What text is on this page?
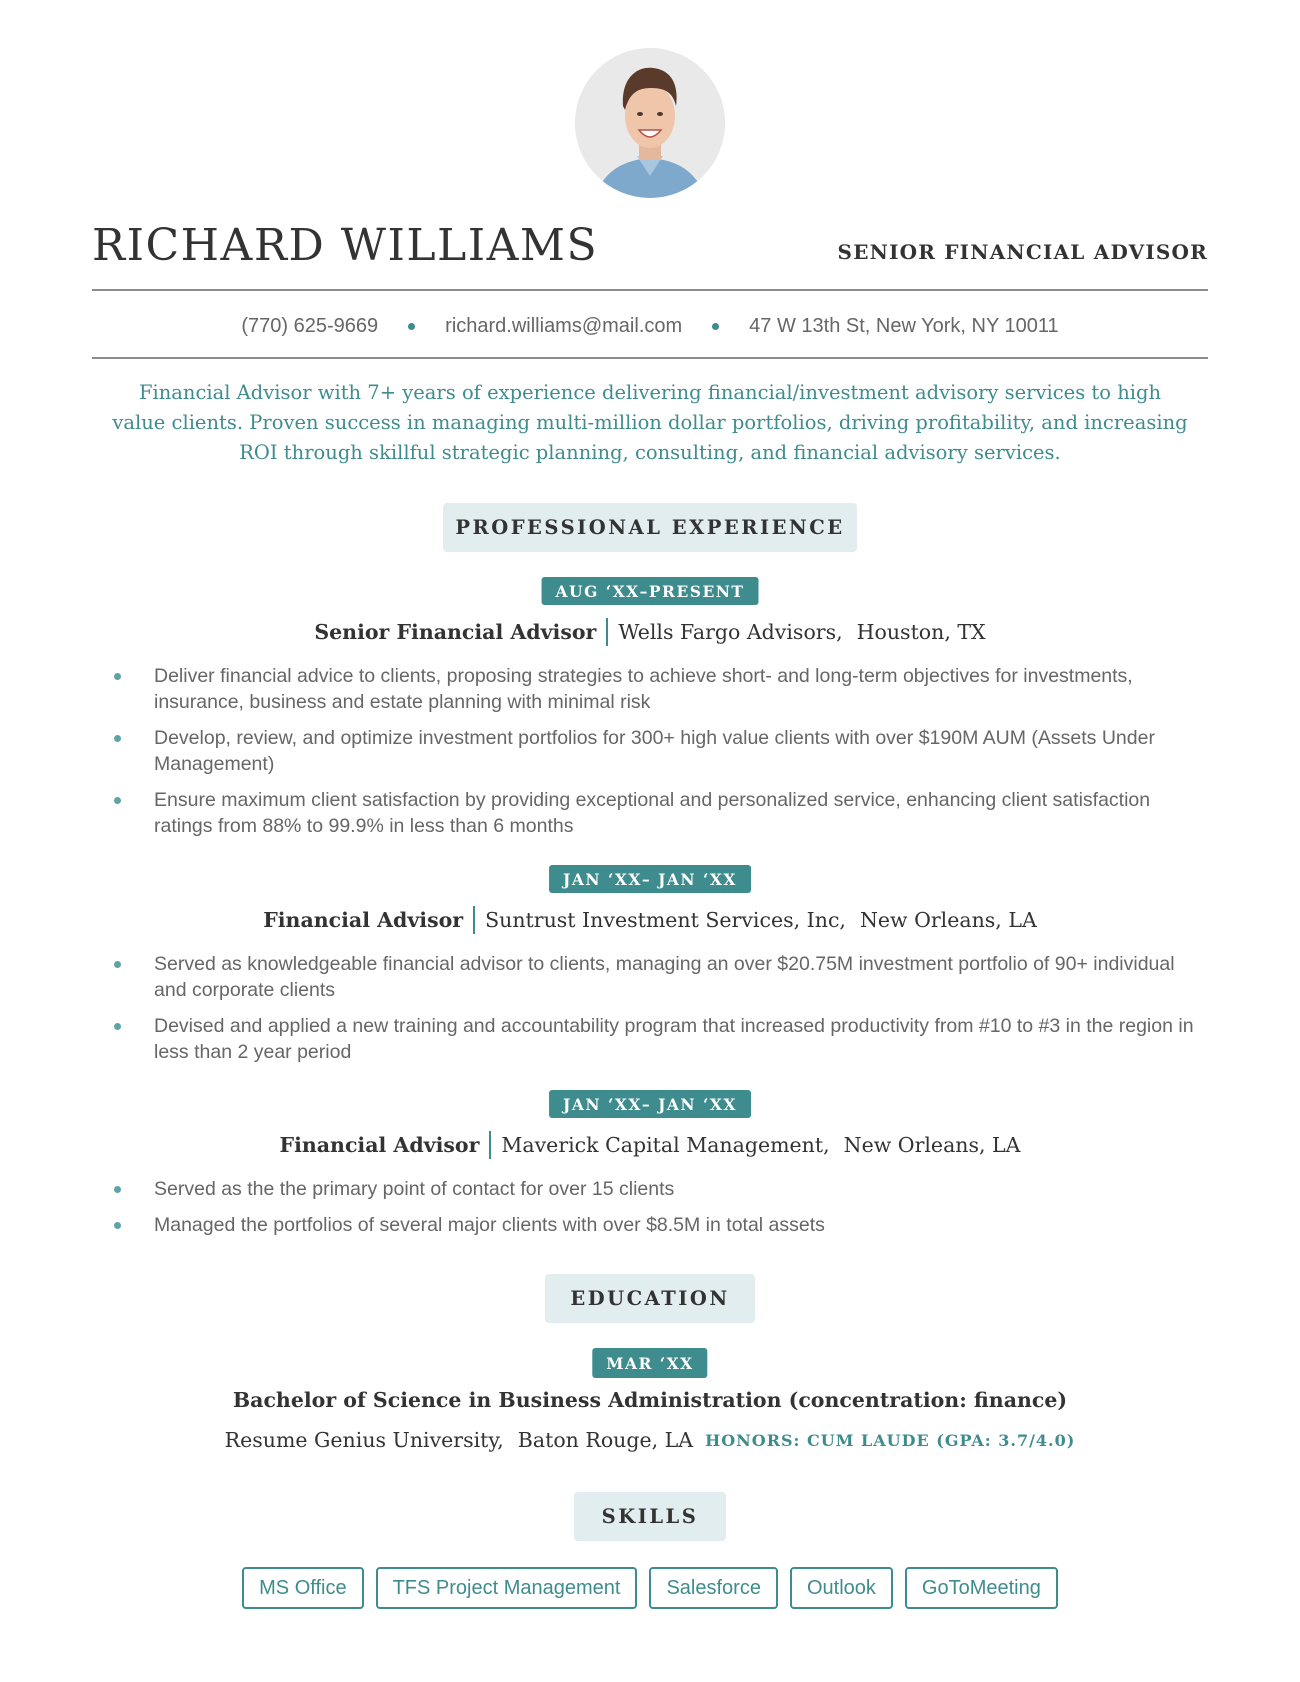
RICHARD WILLIAMS	SENIOR FINANCIAL ADVISOR
(770) 625-9669	richard.williams@mail.com	47 W 13th St, New York, NY 10011

Financial Advisor with 7+ years of experience delivering financial/investment advisory services to high value clients. Proven success in managing multi-million dollar portfolios, driving profitability, and increasing ROI through skillful strategic planning, consulting, and financial advisory services.

PROFESSIONAL EXPERIENCE
AUG ‘XX–PRESENT
Senior Financial Advisor Wells Fargo Advisors, Houston, TX
Deliver financial advice to clients, proposing strategies to achieve short- and long-term objectives for investments, insurance, business and estate planning with minimal risk
Develop, review, and optimize investment portfolios for 300+ high value clients with over $190M AUM (Assets Under Management)
Ensure maximum client satisfaction by providing exceptional and personalized service, enhancing client satisfaction ratings from 88% to 99.9% in less than 6 months
JAN ‘XX– JAN ‘XX
Financial Advisor Suntrust Investment Services, Inc, New Orleans, LA
Served as knowledgeable financial advisor to clients, managing an over $20.75M investment portfolio of 90+ individual and corporate clients
Devised and applied a new training and accountability program that increased productivity from #10 to #3 in the region in less than 2 year period
JAN ‘XX– JAN ‘XX
Financial Advisor Maverick Capital Management, New Orleans, LA
Served as the the primary point of contact for over 15 clients
Managed the portfolios of several major clients with over $8.5M in total assets
EDUCATION
MAR ‘XX
Bachelor of Science in Business Administration (concentration: finance)
Resume Genius University, Baton Rouge, LA HONORS: CUM LAUDE (GPA: 3.7/4.0)
SKILLS
MS Office	TFS Project Management	Salesforce	Outlook	GoToMeeting
